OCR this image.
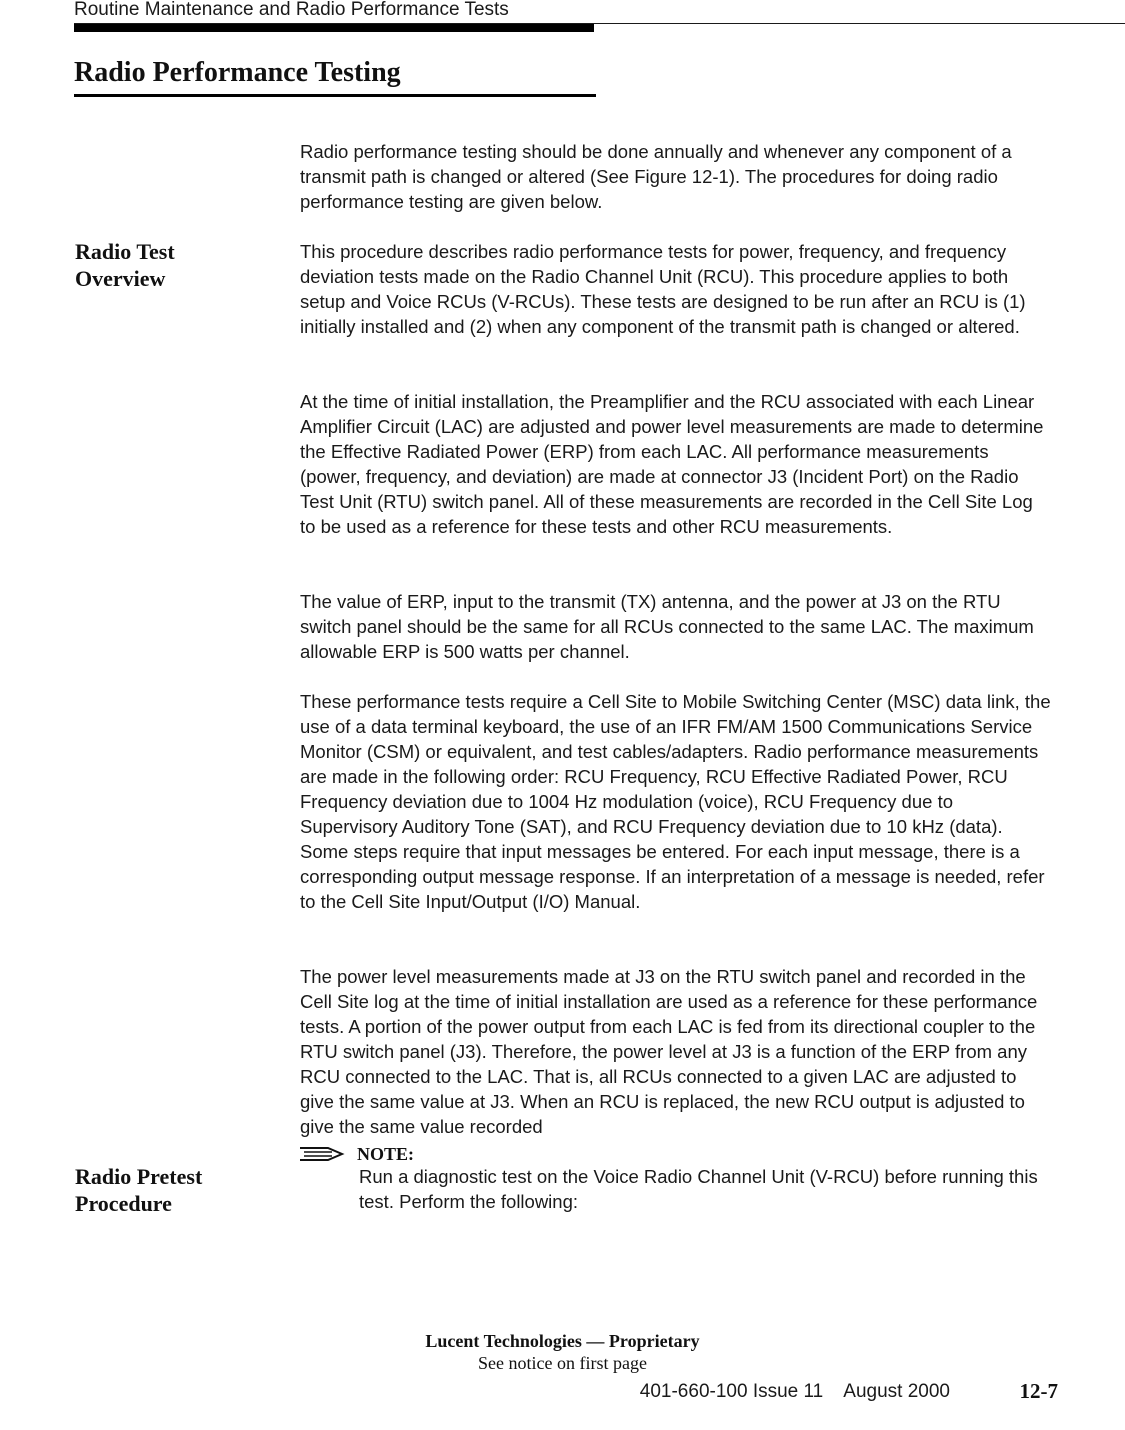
Routine Maintenance and Radio Performance Tests
Radio Performance Testing
Radio performance testing should be done annually and whenever any component of a transmit path is changed or altered (See Figure 12-1). The procedures for doing radio performance testing are given below.
Radio Test
Overview
This procedure describes radio performance tests for power, frequency, and frequency deviation tests made on the Radio Channel Unit (RCU). This procedure applies to both setup and Voice RCUs (V-RCUs). These tests are designed to be run after an RCU is (1) initially installed and (2) when any component of the transmit path is changed or altered.
At the time of initial installation, the Preamplifier and the RCU associated with each Linear Amplifier Circuit (LAC) are adjusted and power level measurements are made to determine the Effective Radiated Power (ERP) from each LAC. All performance measurements (power, frequency, and deviation) are made at connector J3 (Incident Port) on the Radio Test Unit (RTU) switch panel. All of these measurements are recorded in the Cell Site Log to be used as a reference for these tests and other RCU measurements.
The value of ERP, input to the transmit (TX) antenna, and the power at J3 on the RTU switch panel should be the same for all RCUs connected to the same LAC. The maximum allowable ERP is 500 watts per channel.
These performance tests require a Cell Site to Mobile Switching Center (MSC) data link, the use of a data terminal keyboard, the use of an IFR FM/AM 1500 Communications Service Monitor (CSM) or equivalent, and test cables/adapters. Radio performance measurements are made in the following order: RCU Frequency, RCU Effective Radiated Power, RCU Frequency deviation due to 1004 Hz modulation (voice), RCU Frequency due to Supervisory Auditory Tone (SAT), and RCU Frequency deviation due to 10 kHz (data). Some steps require that input messages be entered. For each input message, there is a corresponding output message response. If an interpretation of a message is needed, refer to the Cell Site Input/Output (I/O) Manual.
The power level measurements made at J3 on the RTU switch panel and recorded in the Cell Site log at the time of initial installation are used as a reference for these performance tests. A portion of the power output from each LAC is fed from its directional coupler to the RTU switch panel (J3). Therefore, the power level at J3 is a function of the ERP from any RCU connected to the LAC. That is, all RCUs connected to a given LAC are adjusted to give the same value at J3. When an RCU is replaced, the new RCU output is adjusted to give the same value recorded
Radio Pretest
Procedure
NOTE:
Run a diagnostic test on the Voice Radio Channel Unit (V-RCU) before running this test. Perform the following:
Lucent Technologies — Proprietary
See notice on first page
401-660-100 Issue 11    August 2000	12-7
